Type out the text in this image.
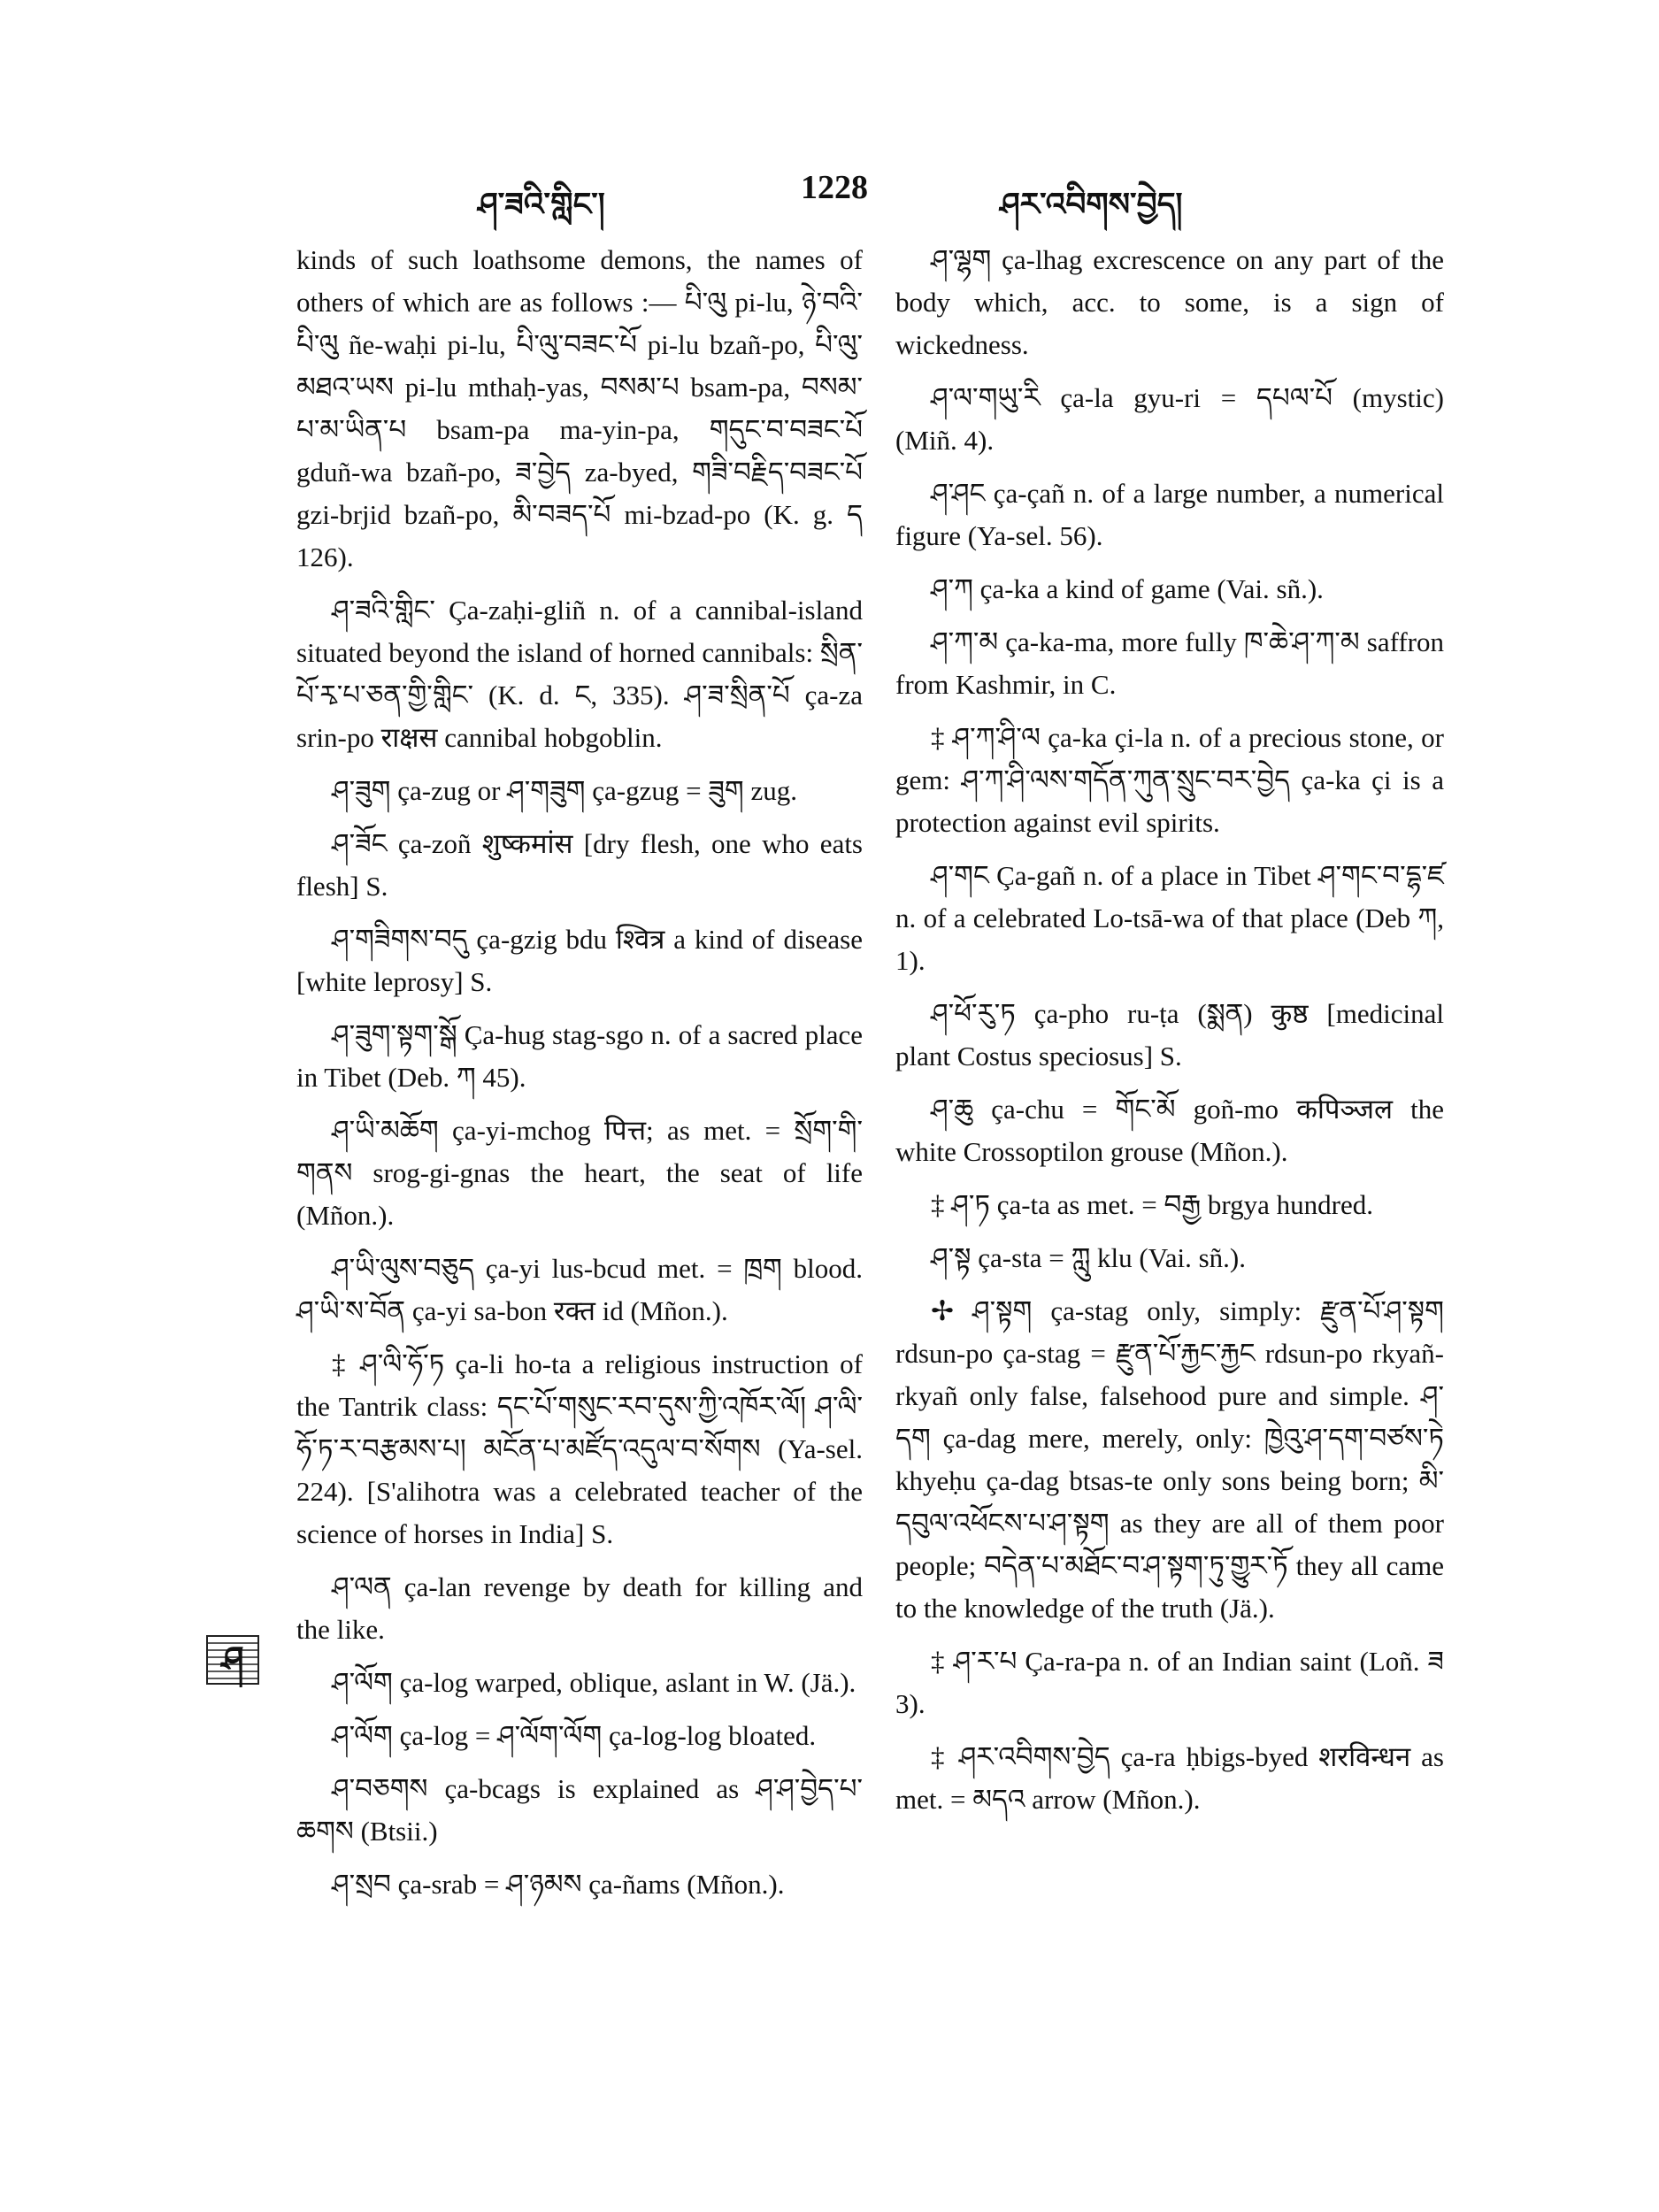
ཤ་ཟའི་གླིང་།	1228	ཤར་འབིགས་བྱེད།

kinds of such loathsome demons, the names of others of which are as follows :— པི་ལུ pi-lu, ཉེ་བའི་པི་ལུ ñe-waḥi pi-lu, པི་ལུ་བཟང་པོ pi-lu bzañ-po, པི་ལུ་མཐའ་ཡས pi-lu mthaḥ-yas, བསམ་པ bsam-pa, བསམ་པ་མ་ཡིན་པ bsam-pa ma-yin-pa, གདུང་བ་བཟང་པོ gduñ-wa bzañ-po, ཟ་བྱེད za-byed, གཟི་བརྗིད་བཟང་པོ gzi-brjid bzañ-po, མི་བཟད་པོ mi-bzad-po (K. g. ད 126).

ཤ་ཟའི་གླིང་ Ça-zaḥi-gliñ n. of a cannibal-island situated beyond the island of horned cannibals: སྲིན་པོ་རྭ་པ་ཅན་གྱི་གླིང་ (K. d. ང, 335). ཤ་ཟ་སྲིན་པོ ça-za srin-po राक्षस cannibal hobgoblin.

ཤ་ཟུག ça-zug or ཤ་གཟུག ça-gzug = ཟུག zug.

ཤ་ཟོང ça-zoñ शुष्कमांस [dry flesh, one who eats flesh] S.

ཤ་གཟིགས་བདུ ça-gzig bdu श्वित्र a kind of disease [white leprosy] S.

ཤ་ཟུག་སྟག་སྒོ Ça-hug stag-sgo n. of a sacred place in Tibet (Deb. ཀ 45).

ཤ་ཡི་མཆོག ça-yi-mchog पित्त; as met. = སྲོག་གི་གནས srog-gi-gnas the heart, the seat of life (Mñon.).

ཤ་ཡི་ལུས་བཅུད ça-yi lus-bcud met. = ཁྲག blood. ཤ་ཡི་ས་བོན ça-yi sa-bon रक्त id (Mñon.).

‡ ཤ་ལི་ཧོ་ཏ ça-li ho-ta a religious instruction of the Tantrik class: དང་པོ་གསུང་རབ་དུས་ཀྱི་འཁོར་ལོ། ཤ་ལི་ཧོ་ཏ་ར་བརྩམས་པ། མངོན་པ་མཛོད་འདུལ་བ་སོགས (Ya-sel. 224). [S'alihotra was a celebrated teacher of the science of horses in India] S.

ཤ་ལན ça-lan revenge by death for killing and the like.

ཤ་ལོག ça-log warped, oblique, aslant in W. (Jä.).

ཤ་ལོག ça-log = ཤ་ལོག་ལོག ça-log-log bloated.

ཤ་བཅགས ça-bcags is explained as ཤ་ཤ་བྱེད་པ་ཆགས (Btsii.)

ཤ་སྲབ ça-srab = ཤ་ཉམས ça-ñams (Mñon.).

ཤ་ལྷག ça-lhag excrescence on any part of the body which, acc. to some, is a sign of wickedness.

ཤ་ལ་གཡུ་རི ça-la gyu-ri = དཔལ་པོ (mystic) (Miñ. 4).

ཤ་ཤང ça-çañ n. of a large number, a numerical figure (Ya-sel. 56).

ཤ་ཀ ça-ka a kind of game (Vai. sñ.).

ཤ་ཀ་མ ça-ka-ma, more fully ཁ་ཆེ་ཤ་ཀ་མ saffron from Kashmir, in C.

‡ ཤ་ཀ་ཤི་ལ ça-ka çi-la n. of a precious stone, or gem: ཤ་ཀ་ཤི་ལས་གདོན་ཀུན་སྲུང་བར་བྱེད ça-ka çi is a protection against evil spirits.

ཤ་གང Ça-gañ n. of a place in Tibet ཤ་གང་བ་དྷ་ཛ n. of a celebrated Lo-tsā-wa of that place (Deb ཀ, 1).

ཤ་ཕོ་རུ་ཏ ça-pho ru-ṭa (སྨན) कुष्ठ [medicinal plant Costus speciosus] S.

ཤ་ཆུ ça-chu = གོང་མོ goñ-mo कपिञ्जल the white Crossoptilon grouse (Mñon.).

‡ ཤ་ཏ ça-ta as met. = བརྒྱ brgya hundred.

ཤ་སྟ ça-sta = ཀླུ klu (Vai. sñ.).

✢ ཤ་སྟག ça-stag only, simply: རྫུན་པོ་ཤ་སྟག rdsun-po ça-stag = རྫུན་པོ་རྐྱང་རྐྱང rdsun-po rkyañ-rkyañ only false, falsehood pure and simple. ཤ་དག ça-dag mere, merely, only: ཁྱེའུ་ཤ་དག་བཙས་ཏེ khyeḥu ça-dag btsas-te only sons being born; མི་དབུལ་འཕོངས་པ་ཤ་སྟག as they are all of them poor people; བདེན་པ་མཐོང་བ་ཤ་སྟག་ཏུ་གྱུར་ཏོ they all came to the knowledge of the truth (Jä.).

‡ ཤ་ར་པ Ça-ra-pa n. of an Indian saint (Loñ. ཟ 3).

‡ ཤར་འབིགས་བྱེད ça-ra ḥbigs-byed शरविन्धन as met. = མདའ arrow (Mñon.).

ཤ
